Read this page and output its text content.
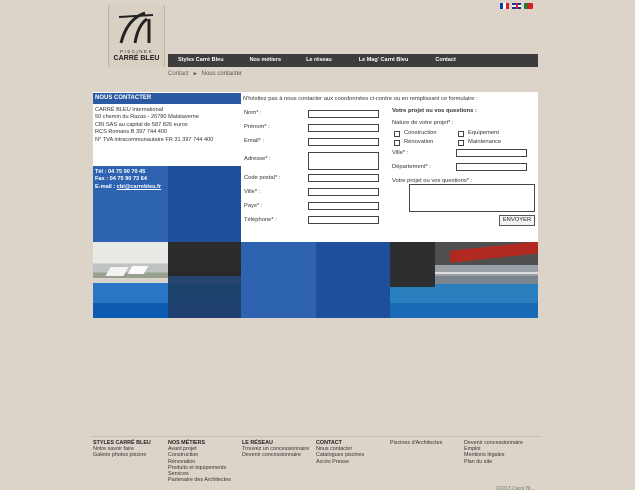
PISCINES
CARRÉ BLEU	Styles Carré Bleu	Nos métiers	Le réseau	Le Mag' Carré Bleu	Contact
Contact ► Nous contacter
NOUS CONTACTER
CARRÉ BLEU International
50 chemin du Razas - 26780 Malataverne
CBI SAS au capital de 587 826 euros
RCS Romans B 397 744 400
N° TVA intracommunautaire FR 31 397 744 400
Tél : 04 75 90 70 45
Fax : 04 75 90 73 64
E-mail : cbi@carrebleu.fr
N'hésitez pas à nous contacter aux coordonnées ci-contre ou en remplissant ce formulaire :
Nom* :
Prénom* :
Email* :
Adresse* :
Code postal* :
Ville* :
Pays* :
Téléphone* :
Votre projet ou vos questions :
Nature de votre projet* :
Construction	Equipement
Rénovation	Maintenance
Ville* :
Département* :
Votre projet ou vos questions* :
ENVOYER
STYLES CARRÉ BLEU
Notre savoir faire
Galerie photos piscine
NOS MÉTIERS
Avant projet
Construction
Rénovation
Produits et équipements
Services
Partenaire des Architectes
LE RÉSEAU
Trouvez un concessionnaire
Devenir concessionnaire
CONTACT
Nous contacter
Catalogues piscines
Accès Presse
Piscines d'Architectes	Devenir concessionnaire
Emploi
Mentions légales
Plan du site
©2013 Carré Bl...
